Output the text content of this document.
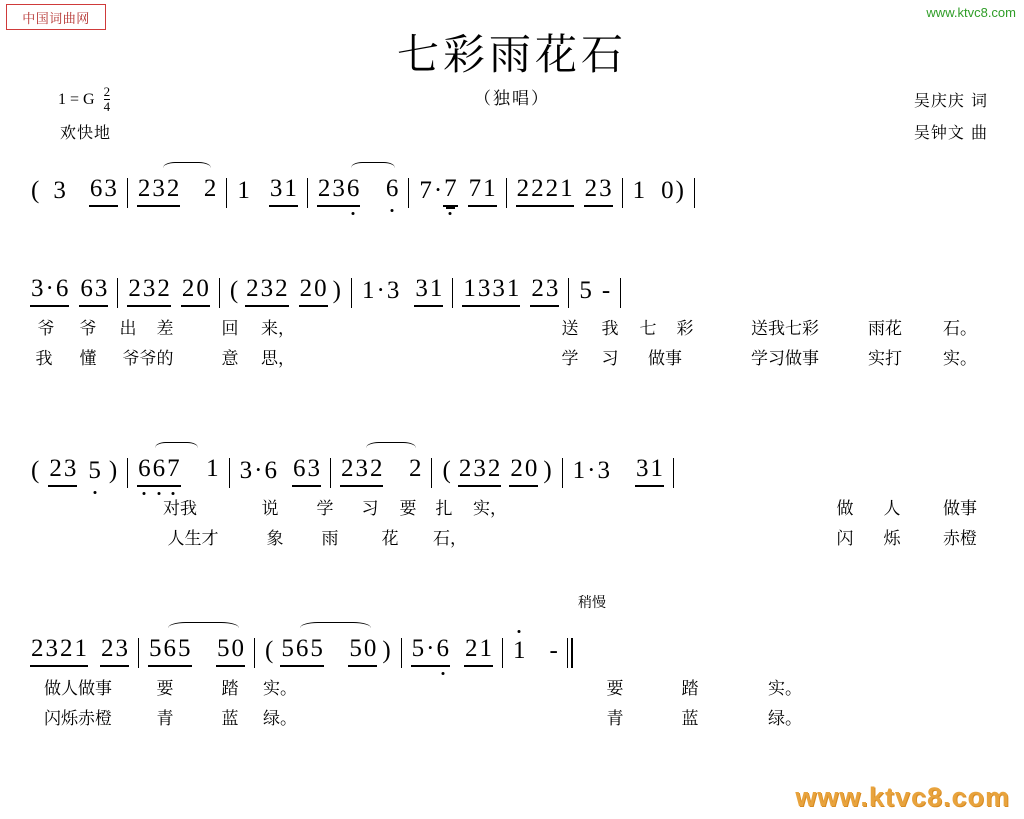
中国词曲网	www.ktvc8.com
www.ktvc8.com
七彩雨花石
（独唱）
1 = G $\frac{2}{4}$
欢快地
吴庆庆 词
吴钟文 曲
( 3 63 232 2 1 31 236 6 7 · 7 71 2221 23 1 0 )
3·6 63 232 20 ( 232 20 ) 1 · 3 31 1331 23 5 -
爷 爷 出 差	回 来，	送 我 七 彩	送我七彩	雨花 石。
我 懂 爷爷的	意 思，	学 习 做事	学习做事	实打 实。
( 23 5 ) 667 1 3 · 6 63 232 2 ( 232 20 ) 1 · 3 31
对我	说 学 习 要 扎 实，	做 人	做事
人生才	象 雨	花 石，	闪 烁	赤橙
稍慢
2321 23 565 50 ( 565 50 ) 5·6 21 1 -
做人做事	要	踏 实。	要	踏	实。
闪烁赤橙	青	蓝 绿。	青	蓝	绿。
